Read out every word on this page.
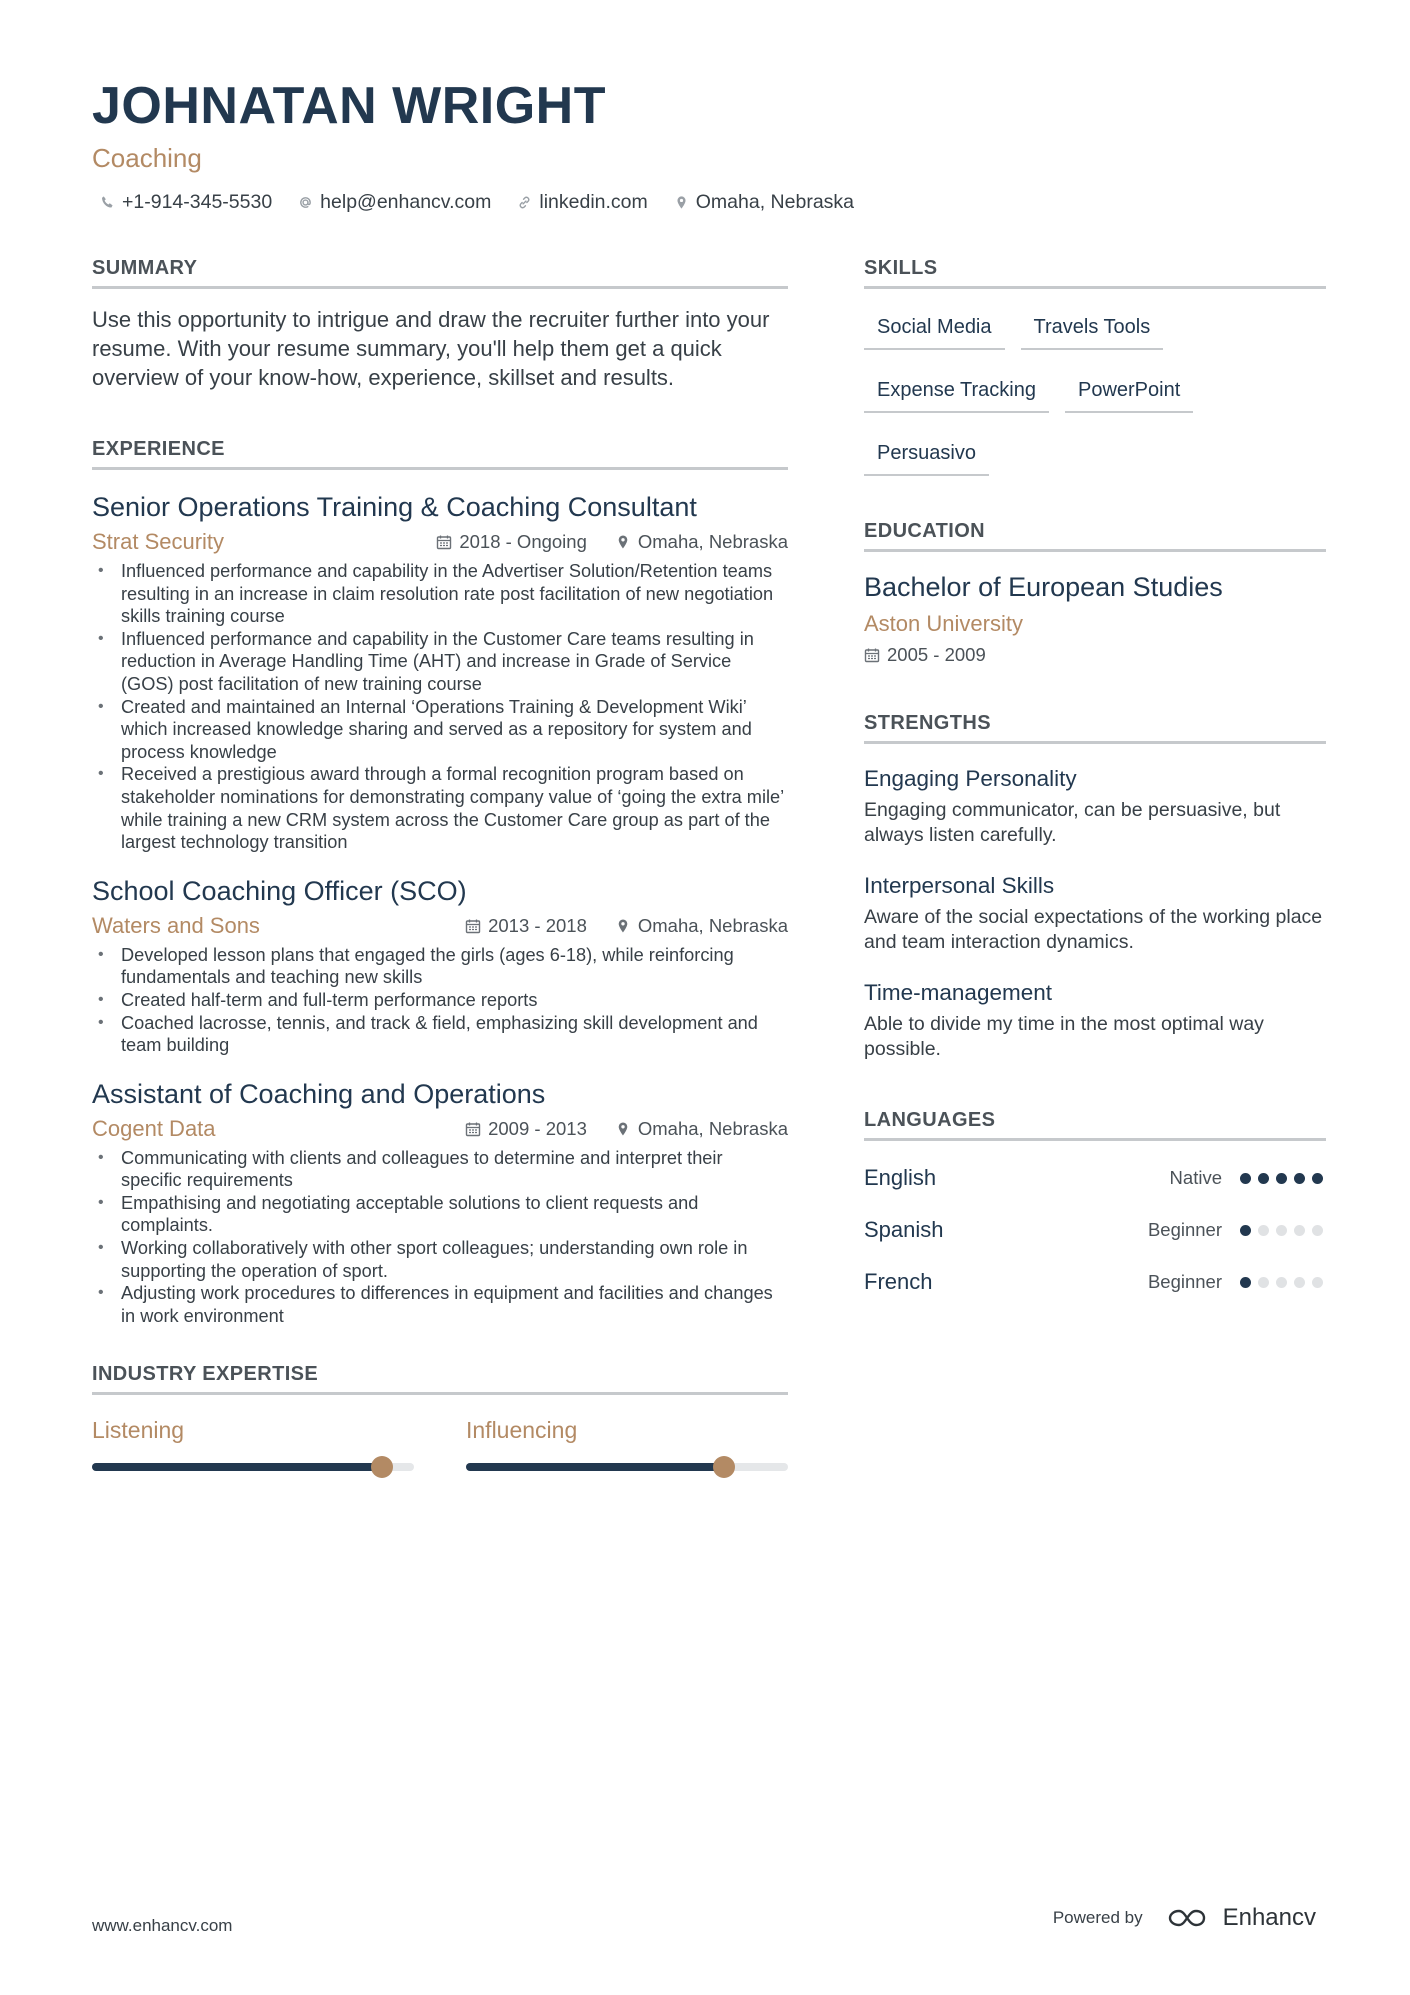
JOHNATAN WRIGHT
Coaching
+1-914-345-5530 help@enhancv.com linkedin.com Omaha, Nebraska
SUMMARY

Use this opportunity to intrigue and draw the recruiter further into your resume. With your resume summary, you'll help them get a quick overview of your know-how, experience, skillset and results.

EXPERIENCE
Senior Operations Training & Coaching Consultant
Strat Security	2018 - Ongoing	Omaha, Nebraska
• Influenced performance and capability in the Advertiser Solution/Retention teams resulting in an increase in claim resolution rate post facilitation of new negotiation skills training course
• Influenced performance and capability in the Customer Care teams resulting in reduction in Average Handling Time (AHT) and increase in Grade of Service (GOS) post facilitation of new training course
• Created and maintained an Internal ‘Operations Training & Development Wiki’ which increased knowledge sharing and served as a repository for system and process knowledge
• Received a prestigious award through a formal recognition program based on stakeholder nominations for demonstrating company value of ‘going the extra mile’ while training a new CRM system across the Customer Care group as part of the largest technology transition
School Coaching Officer (SCO)
Waters and Sons	2013 - 2018	Omaha, Nebraska
• Developed lesson plans that engaged the girls (ages 6-18), while reinforcing fundamentals and teaching new skills
• Created half-term and full-term performance reports
• Coached lacrosse, tennis, and track & field, emphasizing skill development and team building
Assistant of Coaching and Operations
Cogent Data	2009 - 2013	Omaha, Nebraska
• Communicating with clients and colleagues to determine and interpret their specific requirements
• Empathising and negotiating acceptable solutions to client requests and complaints.
• Working collaboratively with other sport colleagues; understanding own role in supporting the operation of sport.
• Adjusting work procedures to differences in equipment and facilities and changes in work environment
INDUSTRY EXPERTISE
Listening	Influencing
SKILLS
Social Media	Travels Tools
Expense Tracking	PowerPoint
Persuasivo
EDUCATION
Bachelor of European Studies
Aston University
2005 - 2009
STRENGTHS
Engaging Personality
Engaging communicator, can be persuasive, but always listen carefully.
Interpersonal Skills
Aware of the social expectations of the working place and team interaction dynamics.
Time-management
Able to divide my time in the most optimal way possible.
LANGUAGES
English	Native
Spanish	Beginner
French	Beginner
www.enhancv.com	Powered by	Enhancv
